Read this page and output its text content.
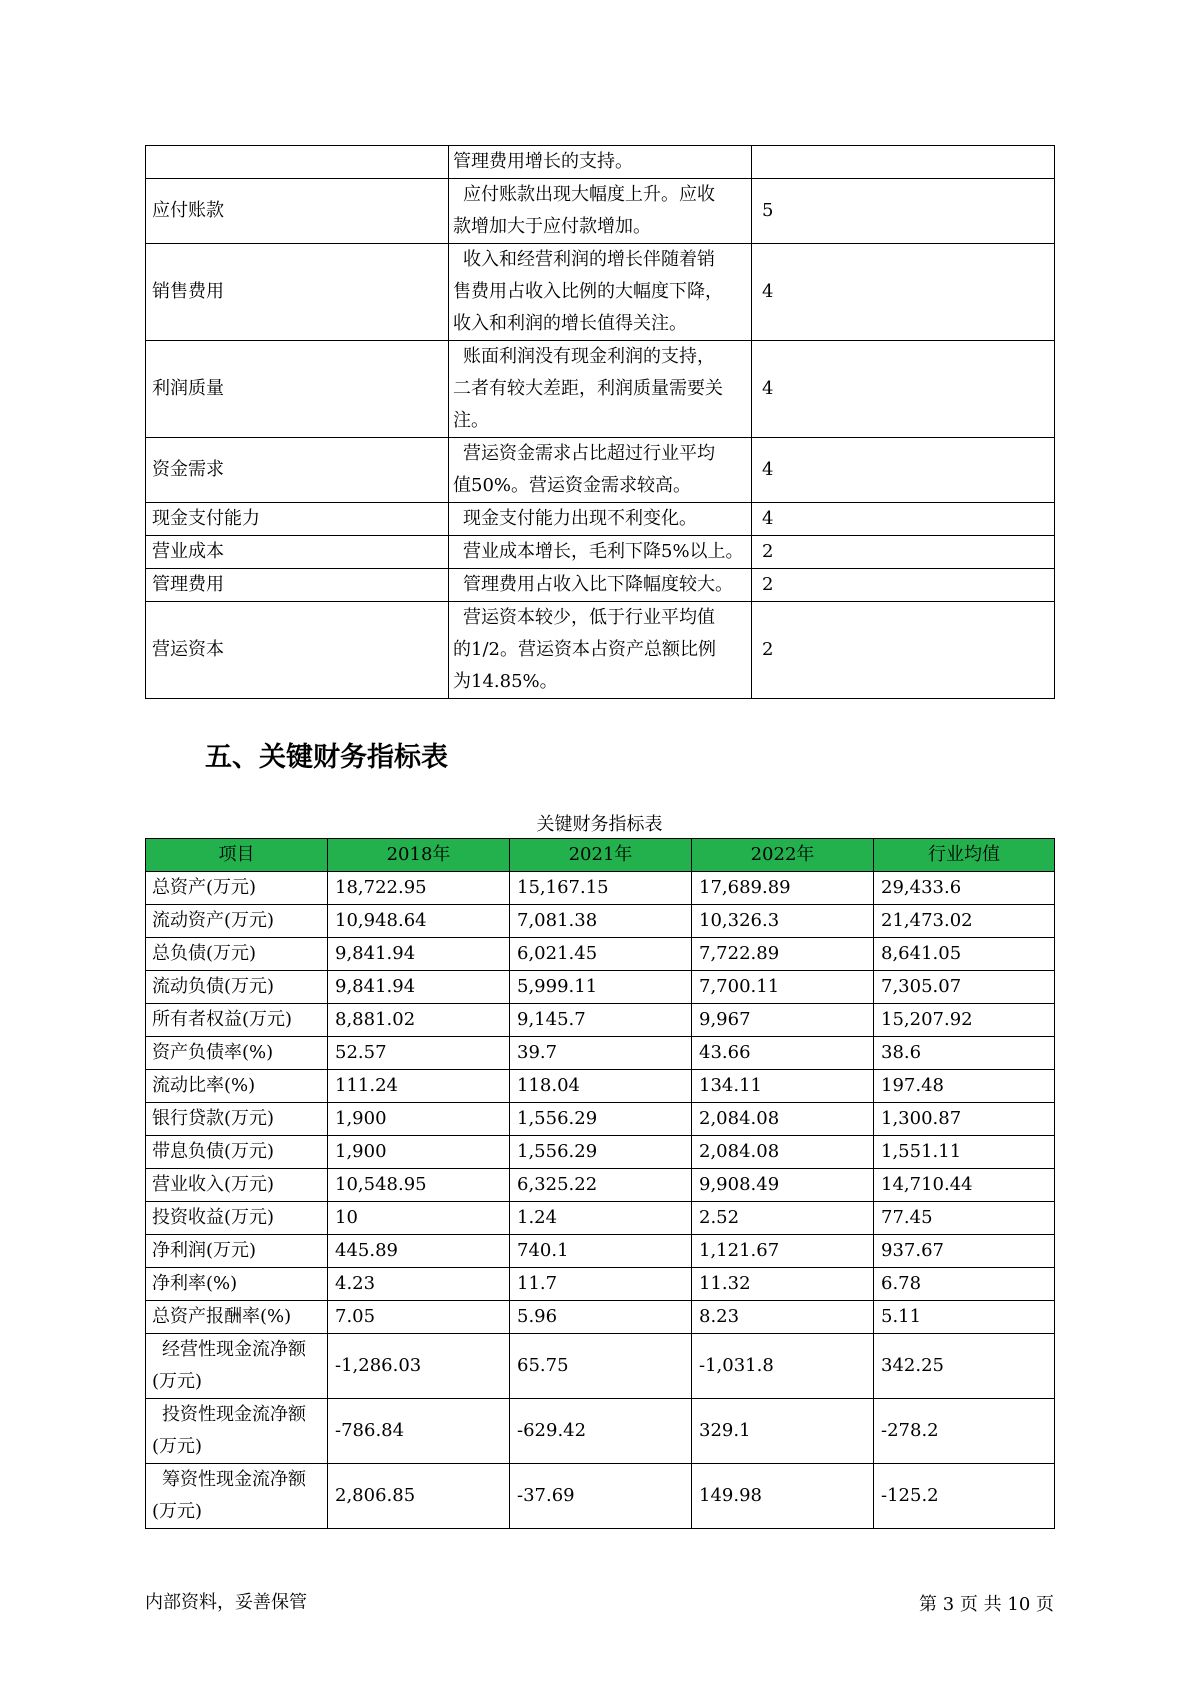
	管理费用增长的支持。	

应付账款	应付账款出现大幅度上升。应收
款增加大于应付款增加。	5
销售费用	收入和经营利润的增长伴随着销
售费用占收入比例的大幅度下降，
收入和利润的增长值得关注。	4
利润质量	账面利润没有现金利润的支持，
二者有较大差距，利润质量需要关
注。	4
资金需求	营运资金需求占比超过行业平均
值50%。营运资金需求较高。	4
现金支付能力	现金支付能力出现不利变化。	4
营业成本	营业成本增长，毛利下降5%以上。	2
管理费用	管理费用占收入比下降幅度较大。	2
营运资本	营运资本较少，低于行业平均值
的1/2。营运资本占资产总额比例
为14.85%。	2
五、关键财务指标表
关键财务指标表
项目	2018年	2021年	2022年	行业均值

总资产(万元)	18,722.95	15,167.15	17,689.89	29,433.6

流动资产(万元)	10,948.64	7,081.38	10,326.3	21,473.02

总负债(万元)	9,841.94	6,021.45	7,722.89	8,641.05

流动负债(万元)	9,841.94	5,999.11	7,700.11	7,305.07

所有者权益(万元)	8,881.02	9,145.7	9,967	15,207.92

资产负债率(%)	52.57	39.7	43.66	38.6

流动比率(%)	111.24	118.04	134.11	197.48

银行贷款(万元)	1,900	1,556.29	2,084.08	1,300.87

带息负债(万元)	1,900	1,556.29	2,084.08	1,551.11

营业收入(万元)	10,548.95	6,325.22	9,908.49	14,710.44

投资收益(万元)	10	1.24	2.52	77.45

净利润(万元)	445.89	740.1	1,121.67	937.67

净利率(%)	4.23	11.7	11.32	6.78

总资产报酬率(%)	7.05	5.96	8.23	5.11

经营性现金流净额
(万元)	-1,286.03	65.75	-1,031.8	342.25

投资性现金流净额
(万元)	-786.84	-629.42	329.1	-278.2

筹资性现金流净额
(万元)	2,806.85	-37.69	149.98	-125.2
内部资料，妥善保管	第 3 页 共 10 页
